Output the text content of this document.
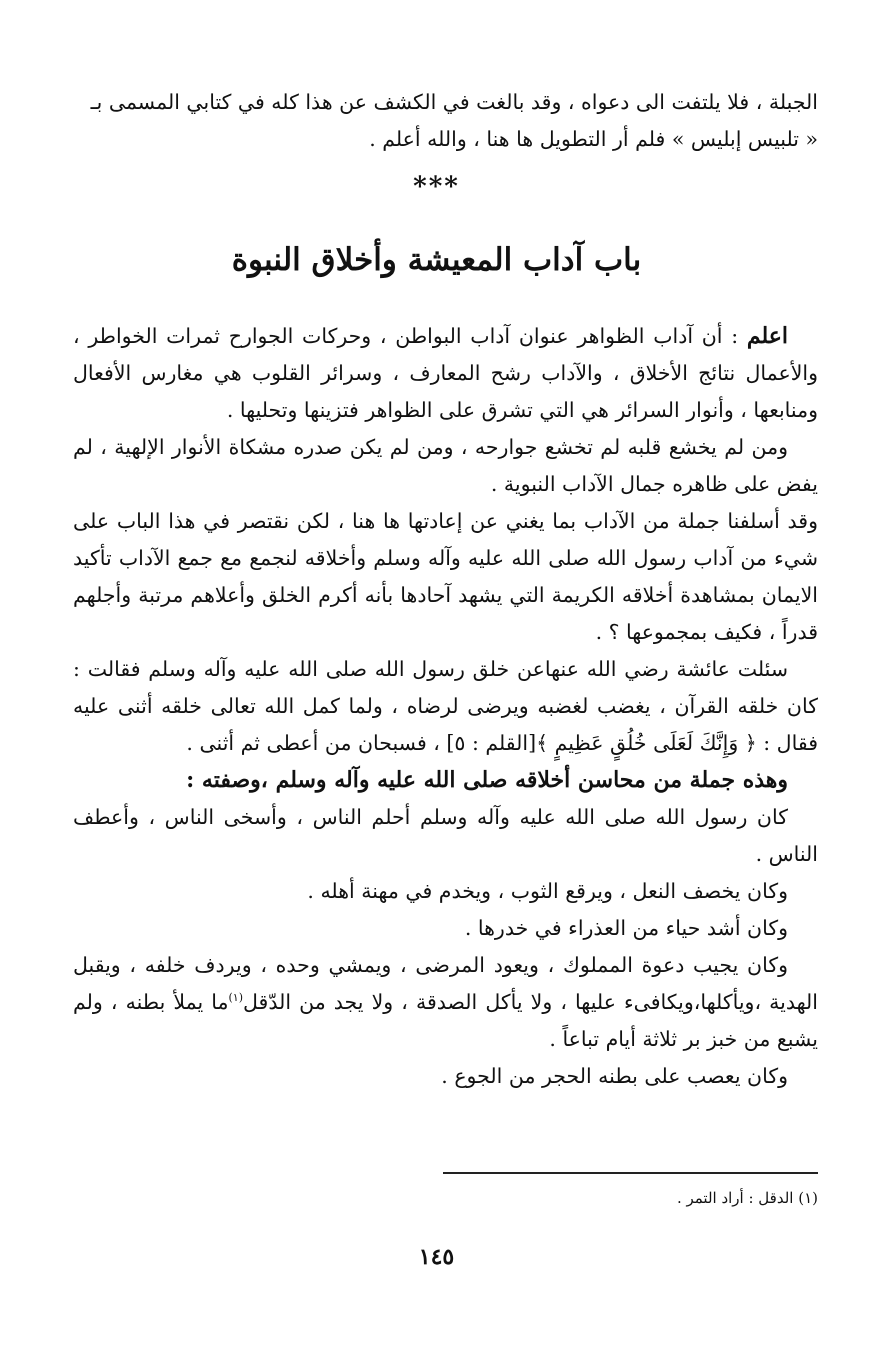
الجبلة ، فلا يلتفت الى دعواه ، وقد بالغت في الكشف عن هذا كله في كتابي المسمى بـ

« تلبيس إبليس » فلم أر التطويل ها هنا ، والله أعلم .

***
باب آداب المعيشة وأخلاق النبوة

اعلم : أن آداب الظواهر عنوان آداب البواطن ، وحركات الجوارح ثمرات الخواطر ، والأعمال نتائج الأخلاق ، والآداب رشح المعارف ، وسرائر القلوب هي مغارس الأفعال ومنابعها ، وأنوار السرائر هي التي تشرق على الظواهر فتزينها وتحليها .

ومن لم يخشع قلبه لم تخشع جوارحه ، ومن لم يكن صدره مشكاة الأنوار الإلهية ، لم يفض على ظاهره جمال الآداب النبوية .

وقد أسلفنا جملة من الآداب بما يغني عن إعادتها ها هنا ، لكن نقتصر في هذا الباب على شيء من آداب رسول الله صلى الله عليه وآله وسلم وأخلاقه لنجمع مع جمع الآداب تأكيد الايمان بمشاهدة أخلاقه الكريمة التي يشهد آحادها بأنه أكرم الخلق وأعلاهم مرتبة وأجلهم قدراً ، فكيف بمجموعها ؟ .

سئلت عائشة رضي الله عنهاعن خلق رسول الله صلى الله عليه وآله وسلم فقالت : كان خلقه القرآن ، يغضب لغضبه ويرضى لرضاه ، ولما كمل الله تعالى خلقه أثنى عليه فقال : ﴿ وَإِنَّكَ لَعَلَى خُلُقٍ عَظِيمٍ ﴾[القلم : ٥] ، فسبحان من أعطى ثم أثنى .

وهذه جملة من محاسن أخلاقه صلى الله عليه وآله وسلم ،وصفته :

كان رسول الله صلى الله عليه وآله وسلم أحلم الناس ، وأسخى الناس ، وأعطف الناس .

وكان يخصف النعل ، ويرقع الثوب ، ويخدم في مهنة أهله .

وكان أشد حياء من العذراء في خدرها .

وكان يجيب دعوة المملوك ، ويعود المرضى ، ويمشي وحده ، ويردف خلفه ، ويقبل الهدية ،ويأكلها،ويكافىء عليها ، ولا يأكل الصدقة ، ولا يجد من الدّقل$^{(١)}$ما يملأ بطنه ، ولم يشبع من خبز بر ثلاثة أيام تباعاً .

وكان يعصب على بطنه الحجر من الجوع .

(١) الدقل : أراد التمر .
١٤٥
